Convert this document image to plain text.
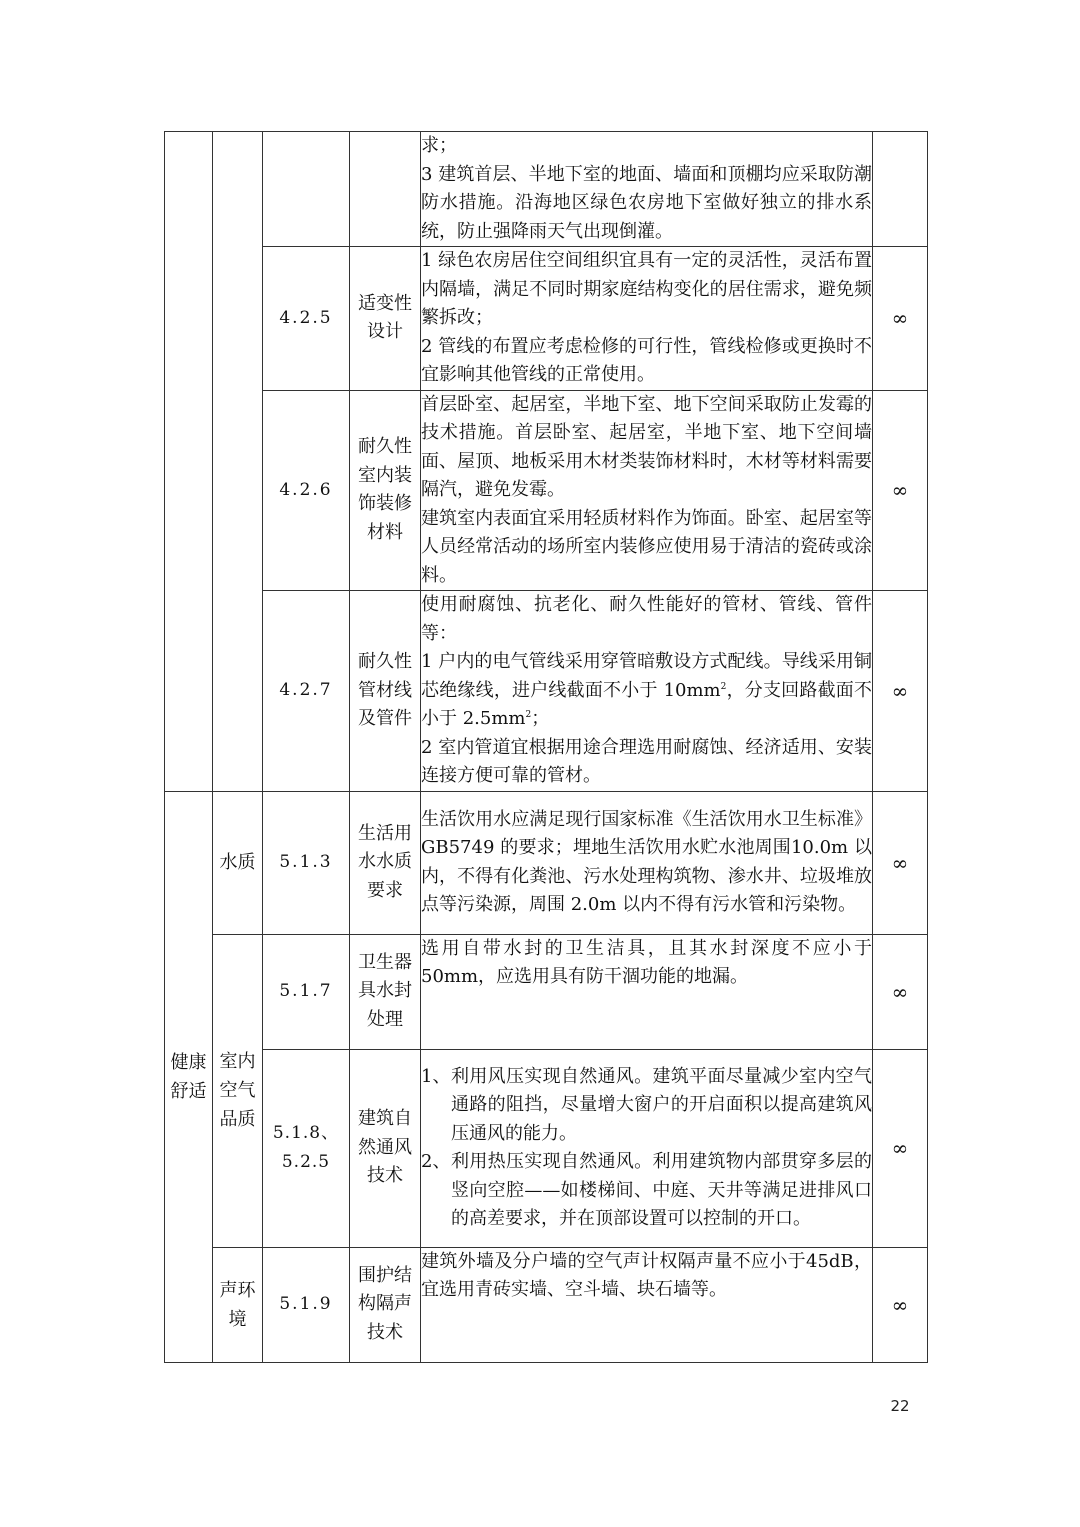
				求；
3 建筑首层、半地下室的地面、墙面和顶棚均应采取防潮防水措施。沿海地区绿色农房地下室做好独立的排水系统，防止强降雨天气出现倒灌。	

		4.2.5	适变性设计	1 绿色农房居住空间组织宜具有一定的灵活性，灵活布置内隔墙，满足不同时期家庭结构变化的居住需求，避免频繁拆改；
2 管线的布置应考虑检修的可行性，管线检修或更换时不宜影响其他管线的正常使用。	∞
		4.2.6	耐久性室内装饰装修材料	首层卧室、起居室，半地下室、地下空间采取防止发霉的技术措施。首层卧室、起居室，半地下室、地下空间墙面、屋顶、地板采用木材类装饰材料时，木材等材料需要隔汽，避免发霉。
建筑室内表面宜采用轻质材料作为饰面。卧室、起居室等人员经常活动的场所室内装修应使用易于清洁的瓷砖或涂料。	∞
		4.2.7	耐久性管材线及管件	使用耐腐蚀、抗老化、耐久性能好的管材、管线、管件等：
1 户内的电气管线采用穿管暗敷设方式配线。导线采用铜芯绝缘线，进户线截面不小于 $10mm^2$，分支回路截面不小于 $2.5mm^2$；
2 室内管道宜根据用途合理选用耐腐蚀、经济适用、安装连接方便可靠的管材。	∞
健康舒适	水质	5.1.3	生活用水水质要求	生活饮用水应满足现行国家标准《生活饮用水卫生标准》GB5749 的要求；埋地生活饮用水贮水池周围10.0m 以内，不得有化粪池、污水处理构筑物、渗水井、垃圾堆放点等污染源，周围 2.0m 以内不得有污水管和污染物。	∞
	室内空气品质	5.1.7	卫生器具水封处理	选用自带水封的卫生洁具，且其水封深度不应小于50mm，应选用具有防干涸功能的地漏。	∞
		5.1.8、5.2.5	建筑自然通风技术	1、 利用风压实现自然通风。建筑平面尽量减少室内空气通路的阻挡，尽量增大窗户的开启面积以提高建筑风压通风的能力。
2、 利用热压实现自然通风。利用建筑物内部贯穿多层的竖向空腔——如楼梯间、中庭、天井等满足进排风口的高差要求，并在顶部设置可以控制的开口。	∞
	声环境	5.1.9	围护结构隔声技术	建筑外墙及分户墙的空气声计权隔声量不应小于45dB，宜选用青砖实墙、空斗墙、块石墙等。	∞
22
